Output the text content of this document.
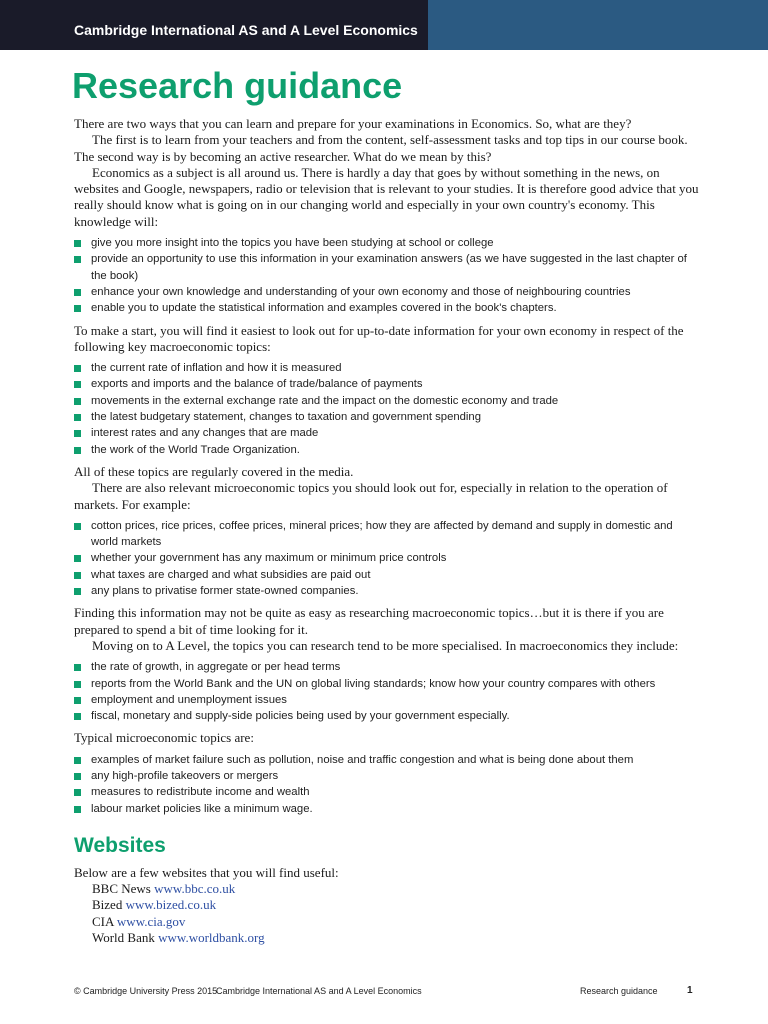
Cambridge International AS and A Level Economics
Research guidance

There are two ways that you can learn and prepare for your examinations in Economics. So, what are they?

The first is to learn from your teachers and from the content, self-assessment tasks and top tips in our course book. The second way is by becoming an active researcher. What do we mean by this?

Economics as a subject is all around us. There is hardly a day that goes by without something in the news, on websites and Google, newspapers, radio or television that is relevant to your studies. It is therefore good advice that you really should know what is going on in our changing world and especially in your own country's economy. This knowledge will:

give you more insight into the topics you have been studying at school or college
provide an opportunity to use this information in your examination answers (as we have suggested in the last chapter of the book)
enhance your own knowledge and understanding of your own economy and those of neighbouring countries
enable you to update the statistical information and examples covered in the book's chapters.

To make a start, you will find it easiest to look out for up-to-date information for your own economy in respect of the following key macroeconomic topics:

the current rate of inflation and how it is measured
exports and imports and the balance of trade/balance of payments
movements in the external exchange rate and the impact on the domestic economy and trade
the latest budgetary statement, changes to taxation and government spending
interest rates and any changes that are made
the work of the World Trade Organization.

All of these topics are regularly covered in the media.

There are also relevant microeconomic topics you should look out for, especially in relation to the operation of markets. For example:

cotton prices, rice prices, coffee prices, mineral prices; how they are affected by demand and supply in domestic and world markets
whether your government has any maximum or minimum price controls
what taxes are charged and what subsidies are paid out
any plans to privatise former state-owned companies.

Finding this information may not be quite as easy as researching macroeconomic topics…but it is there if you are prepared to spend a bit of time looking for it.

Moving on to A Level, the topics you can research tend to be more specialised. In macroeconomics they include:

the rate of growth, in aggregate or per head terms
reports from the World Bank and the UN on global living standards; know how your country compares with others
employment and unemployment issues
fiscal, monetary and supply-side policies being used by your government especially.

Typical microeconomic topics are:

examples of market failure such as pollution, noise and traffic congestion and what is being done about them
any high-profile takeovers or mergers
measures to redistribute income and wealth
labour market policies like a minimum wage.
Websites

Below are a few websites that you will find useful:

BBC News www.bbc.co.uk
Bized www.bized.co.uk
CIA www.cia.gov
World Bank www.worldbank.org
© Cambridge University Press 2015
Cambridge International AS and A Level Economics	Research guidance	1
